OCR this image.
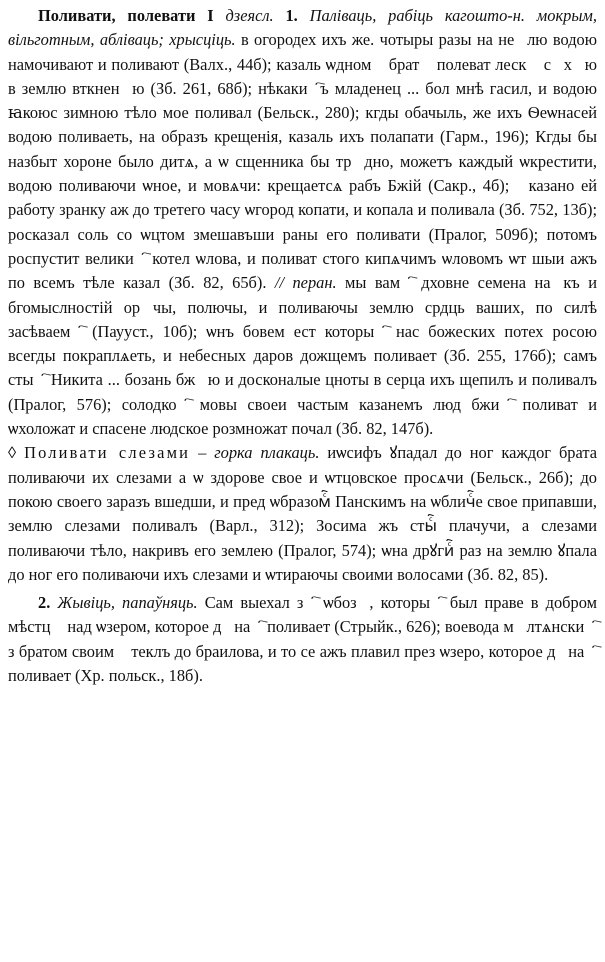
Поливати, полевати I дзеясл. 1. Паліваць, рабіць кагошто-н. мокрым, вільготным, абліваць; хрысціць. в огородех ихъ же. чотыры разы на неⷣлю водою намочивают и поливают (Валх., 44б); казаль ѡдномꙋ братꙋ полеват лескꙋ сꙋхꙋю в землю вткненꙋю (Зб. 261, 68б); нѣкакиⷭ҇ъ младенец ... бол мнѣ гасил, и водою ꙗкоюс зимною тѣло мое поливал (Бельск., 280); кгды обачыль, же ихъ Ѳеѡнасей водою поливаеть, на образъ крещенія, казаль ихъ полапати (Гарм., 196); Кгды бы назбыт хороне было дитѧ, а ѡ сщенника бы трꙋдно, можетъ каждый ѡкрестити, водою поливаючи ѡное, и мовѧчи: крещаетсѧ рабъ Бжій (Сакр., 4б); ꙋказано ей работу зранку аж до третего часу ѡгород копати, и копала и поливала (Зб. 752, 13б); росказал соль со ѡцтом змешавъши раны его поливати (Пралог, 509б); потомъ роспустит великиⷭ҇ котел ѡлова, и поливат стого кипѧчимъ ѡловомъ ѡт шыи ажъ по всемъ тѣле казал (Зб. 82, 65б). // перан. мы вамⷭ҇ дховне семена наꙋкъ и бгомыслностій орꙋчы, полючы, и поливаючы землю срдць ваших, по силѣ засѣваемⷭ҇ (Пауyст., 10б); ѡнъ бовем ест которыⷭ҇ нас божеских потех росою всегды покраплѧеть, и небесных даров дожщемъ поливает (Зб. 255, 176б); самъ стыⷭ҇ Никита ... бозань бжꙋю и досконалые цноты в серца ихъ щепилъ и поливалъ (Пралог, 576); солодкоⷭ҇ мовы своеи частым казанемъ люд бжиⷭ҇ поливат и ѡхоложат и спасене людское розмножат почал (Зб. 82, 147б).

◊ Поливати слезами – горка плакаць. иѡсифъ ꙋпадал до ног каждог брата поливаючи их слезами а ѡ здорове свое и ѡтцовское просѧчи (Бельск., 26б); до покою своего заразъ вшедши, и пред ѡбразомⷭ҇ Панскимъ на ѡбличⷭ҇е свое припавши, землю слезами поливалъ (Варл., 312); Зосима жъ стыⷭ҇ плачучи, а слезами поливаючи тѣло, накривъ его землею (Пралог, 574); ѡна дрꙋгиⷭ҇ раз на землю ꙋпала до ног его поливаючи ихъ слезами и ѡтираючы своими волосами (Зб. 82, 85).

2. Жывіць, папаўняць. Сам выехал зⷭ҇ ѡбозꙋ, которыⷭ҇ был праве в добром мѣстцꙋ над ѡзером, которое дꙋнаⷭ҇ поливает (Стрыйк., 626); воевода мꙋлтѧнскиⷭ҇ з братом своим ꙋтеклъ до браилова, и то се ажъ плавил през ѡзеро, которое дꙋнаⷭ҇ поливает (Хр. польск., 18б).
